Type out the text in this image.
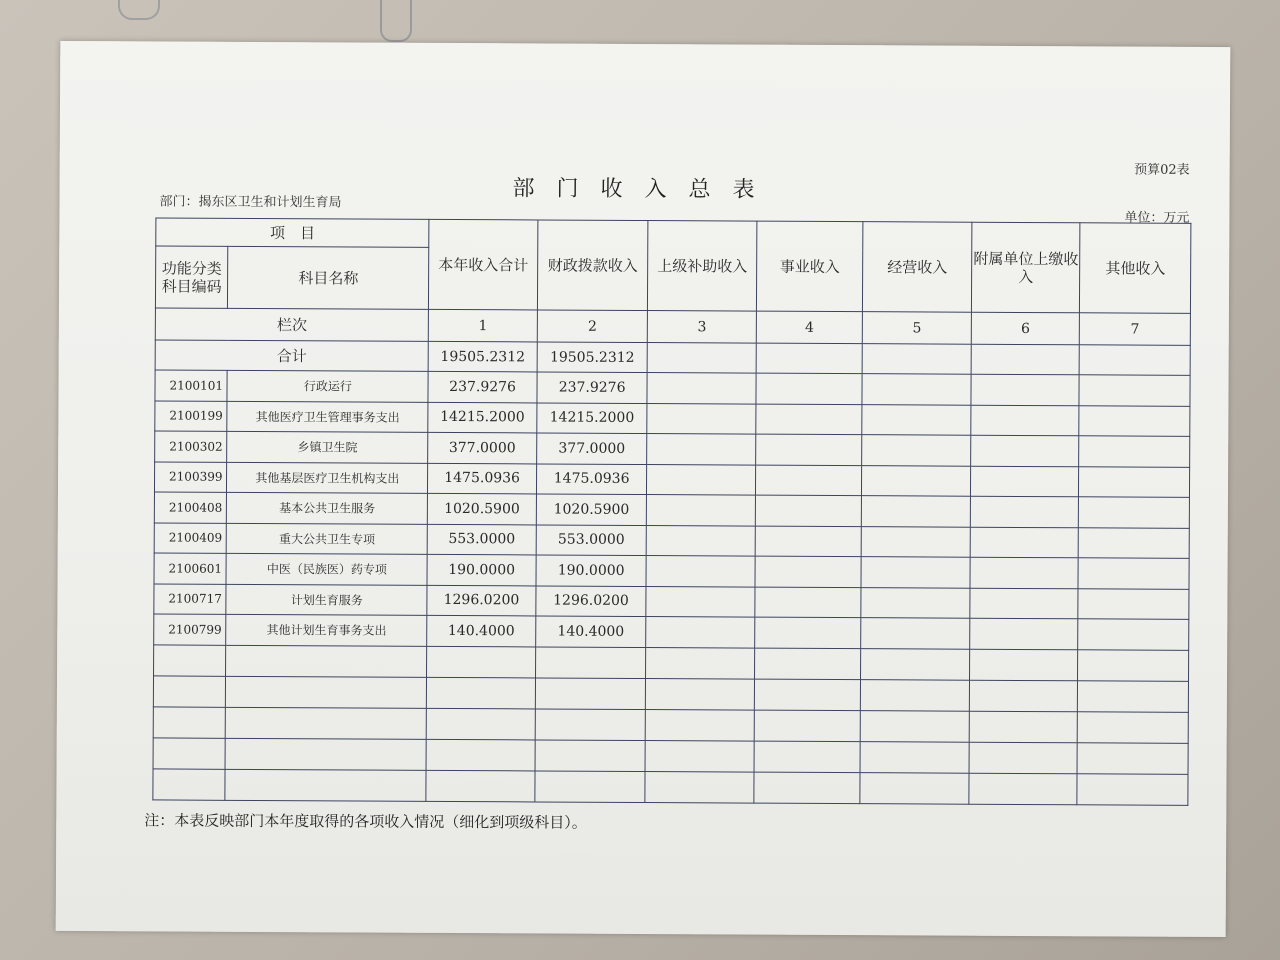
预算02表
部门收入总表
部门：揭东区卫生和计划生育局
单位：万元
项　目		本年收入合计	财政拨款收入	上级补助收入	事业收入	经营收入	附属单位上缴收入	其他收入
功能分类科目编码	科目名称							
栏次		1	2	3	4	5	6	7
合计		19505.2312	19505.2312					
2100101	行政运行	237.9276	237.9276					
2100199	其他医疗卫生管理事务支出	14215.2000	14215.2000					
2100302	乡镇卫生院	377.0000	377.0000					
2100399	其他基层医疗卫生机构支出	1475.0936	1475.0936					
2100408	基本公共卫生服务	1020.5900	1020.5900					
2100409	重大公共卫生专项	553.0000	553.0000					
2100601	中医（民族医）药专项	190.0000	190.0000					
2100717	计划生育服务	1296.0200	1296.0200					
2100799	其他计划生育事务支出	140.4000	140.4000					

注：本表反映部门本年度取得的各项收入情况（细化到项级科目）。
